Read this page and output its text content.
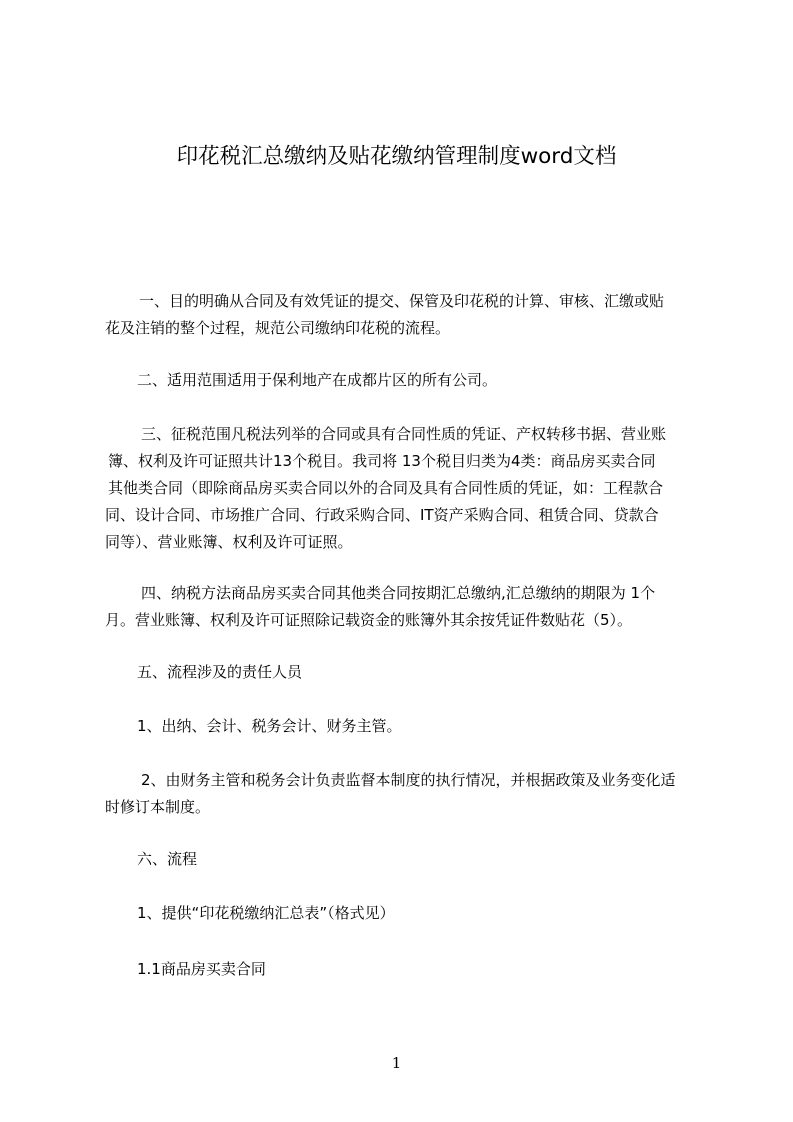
印花税汇总缴纳及贴花缴纳管理制度word文档
一、目的明确从合同及有效凭证的提交、保管及印花税的计算、审核、汇缴或贴
花及注销的整个过程，规范公司缴纳印花税的流程。
二、适用范围适用于保利地产在成都片区的所有公司。
三、征税范围凡税法列举的合同或具有合同性质的凭证、产权转移书据、营业账
簿、权利及许可证照共计13个税目。我司将 13个税目归类为4类：商品房买卖合同
其他类合同（即除商品房买卖合同以外的合同及具有合同性质的凭证，如：工程款合
同、设计合同、市场推广合同、行政采购合同、IT资产采购合同、租赁合同、贷款合
同等）、营业账簿、权利及许可证照。
四、纳税方法商品房买卖合同其他类合同按期汇总缴纳,汇总缴纳的期限为 1个
月。营业账簿、权利及许可证照除记载资金的账簿外其余按凭证件数贴花（5）。
五、流程涉及的责任人员
1、出纳、会计、税务会计、财务主管。
2、由财务主管和税务会计负责监督本制度的执行情况，并根据政策及业务变化适
时修订本制度。
六、流程
1、提供“印花税缴纳汇总表”（格式见）
1.1商品房买卖合同
1
